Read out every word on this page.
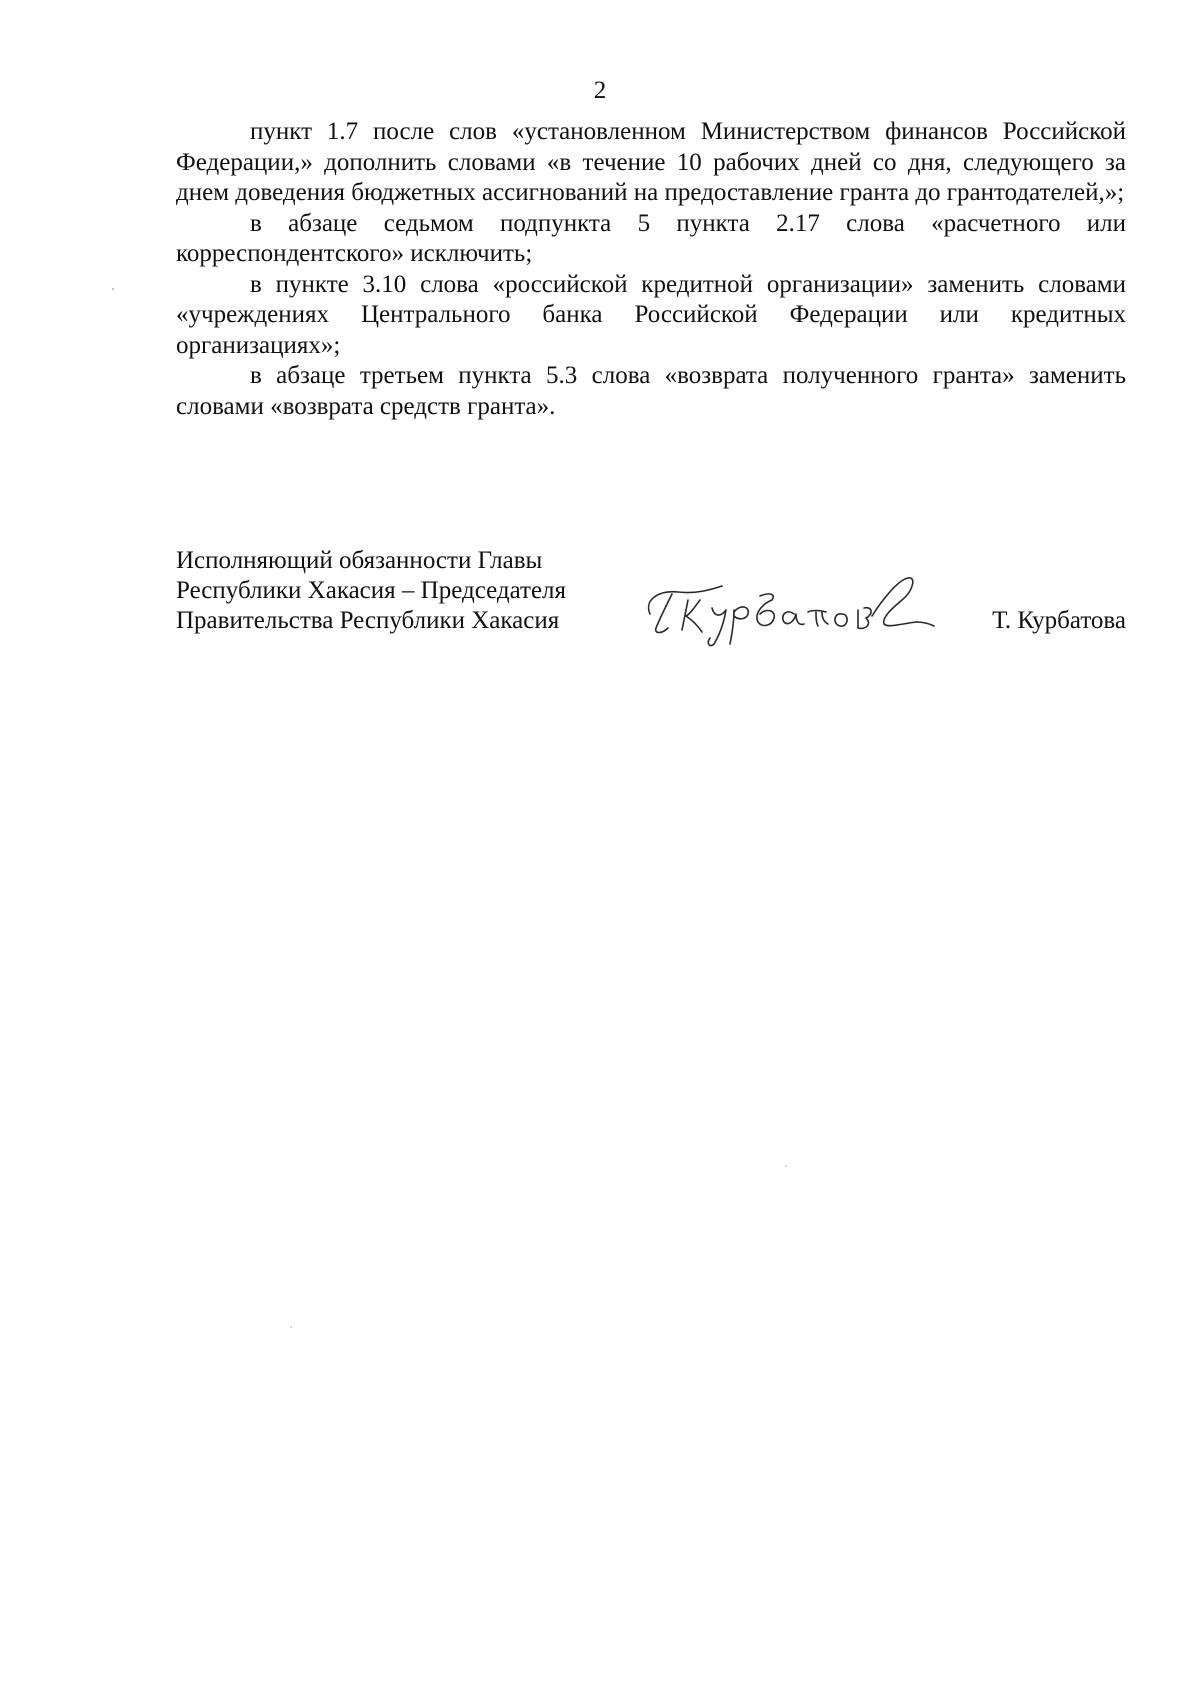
2

пункт 1.7 после слов «установленном Министерством финансов Российской Федерации,» дополнить словами «в течение 10 рабочих дней со дня, следующего за днем доведения бюджетных ассигнований на предоставление гранта до грантодателей,»;

в абзаце седьмом подпункта 5 пункта 2.17 слова «расчетного или корреспондентского» исключить;

в пункте 3.10 слова «российской кредитной организации» заменить словами «учреждениях Центрального банка Российской Федерации или кредитных организациях»;

в абзаце третьем пункта 5.3 слова «возврата полученного гранта» заменить словами «возврата средств гранта».

Исполняющий обязанности Главы
Республики Хакасия – Председателя
Правительства Республики Хакасия	Т. Курбатова
